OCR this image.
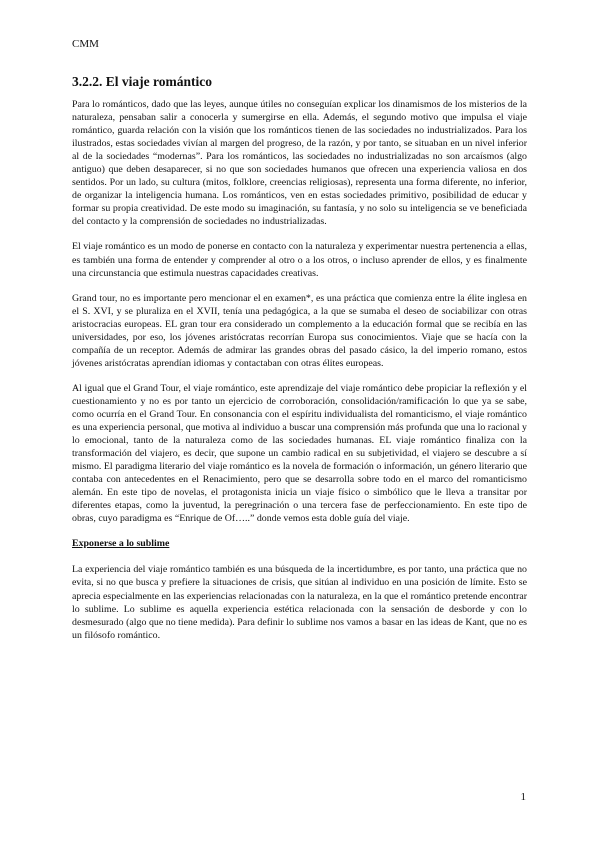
CMM
3.2.2. El viaje romántico

Para lo románticos, dado que las leyes, aunque útiles no conseguían explicar los dinamismos de los misterios de la naturaleza, pensaban salir a conocerla y sumergirse en ella. Además, el segundo motivo que impulsa el viaje romántico, guarda relación con la visión que los románticos tienen de las sociedades no industrializados. Para los ilustrados, estas sociedades vivían al margen del progreso, de la razón, y por tanto, se situaban en un nivel inferior al de la sociedades “modernas”. Para los románticos, las sociedades no industrializadas no son arcaísmos (algo antiguo) que deben desaparecer, si no que son sociedades humanos que ofrecen una experiencia valiosa en dos sentidos. Por un lado, su cultura (mitos, folklore, creencias religiosas), representa una forma diferente, no inferior, de organizar la inteligencia humana. Los románticos, ven en estas sociedades primitivo, posibilidad de educar y formar su propia creatividad. De este modo su imaginación, su fantasía, y no solo su inteligencia se ve beneficiada del contacto y la comprensión de sociedades no industrializadas.

El viaje romántico es un modo de ponerse en contacto con la naturaleza y experimentar nuestra pertenencia a ellas, es también una forma de entender y comprender al otro o a los otros, o incluso aprender de ellos, y es finalmente una circunstancia que estimula nuestras capacidades creativas.

Grand tour, no es importante pero mencionar el en examen*, es una práctica que comienza entre la élite inglesa en el S. XVI, y se pluraliza en el XVII, tenía una pedagógica, a la que se sumaba el deseo de sociabilizar con otras aristocracias europeas. EL gran tour era considerado un complemento a la educación formal que se recibía en las universidades, por eso, los jóvenes aristócratas recorrían Europa sus conocimientos. Viaje que se hacía con la compañía de un receptor. Además de admirar las grandes obras del pasado cásico, la del imperio romano, estos jóvenes aristócratas aprendían idiomas y contactaban con otras élites europeas.

Al igual que el Grand Tour, el viaje romántico, este aprendizaje del viaje romántico debe propiciar la reflexión y el cuestionamiento y no es por tanto un ejercicio de corroboración, consolidación/ramificación lo que ya se sabe, como ocurría en el Grand Tour. En consonancia con el espíritu individualista del romanticismo, el viaje romántico es una experiencia personal, que motiva al individuo a buscar una comprensión más profunda que una lo racional y lo emocional, tanto de la naturaleza como de las sociedades humanas. EL viaje romántico finaliza con la transformación del viajero, es decir, que supone un cambio radical en su subjetividad, el viajero se descubre a sí mismo. El paradigma literario del viaje romántico es la novela de formación o información, un género literario que contaba con antecedentes en el Renacimiento, pero que se desarrolla sobre todo en el marco del romanticismo alemán. En este tipo de novelas, el protagonista inicia un viaje físico o simbólico que le lleva a transitar por diferentes etapas, como la juventud, la peregrinación o una tercera fase de perfeccionamiento. En este tipo de obras, cuyo paradigma es “Enrique de Of…..” donde vemos esta doble guía del viaje.

Exponerse a lo sublime

La experiencia del viaje romántico también es una búsqueda de la incertidumbre, es por tanto, una práctica que no evita, si no que busca y prefiere la situaciones de crisis, que sitúan al individuo en una posición de límite. Esto se aprecia especialmente en las experiencias relacionadas con la naturaleza, en la que el romántico pretende encontrar lo sublime. Lo sublime es aquella experiencia estética relacionada con la sensación de desborde y con lo desmesurado (algo que no tiene medida). Para definir lo sublime nos vamos a basar en las ideas de Kant, que no es un filósofo romántico.

1
